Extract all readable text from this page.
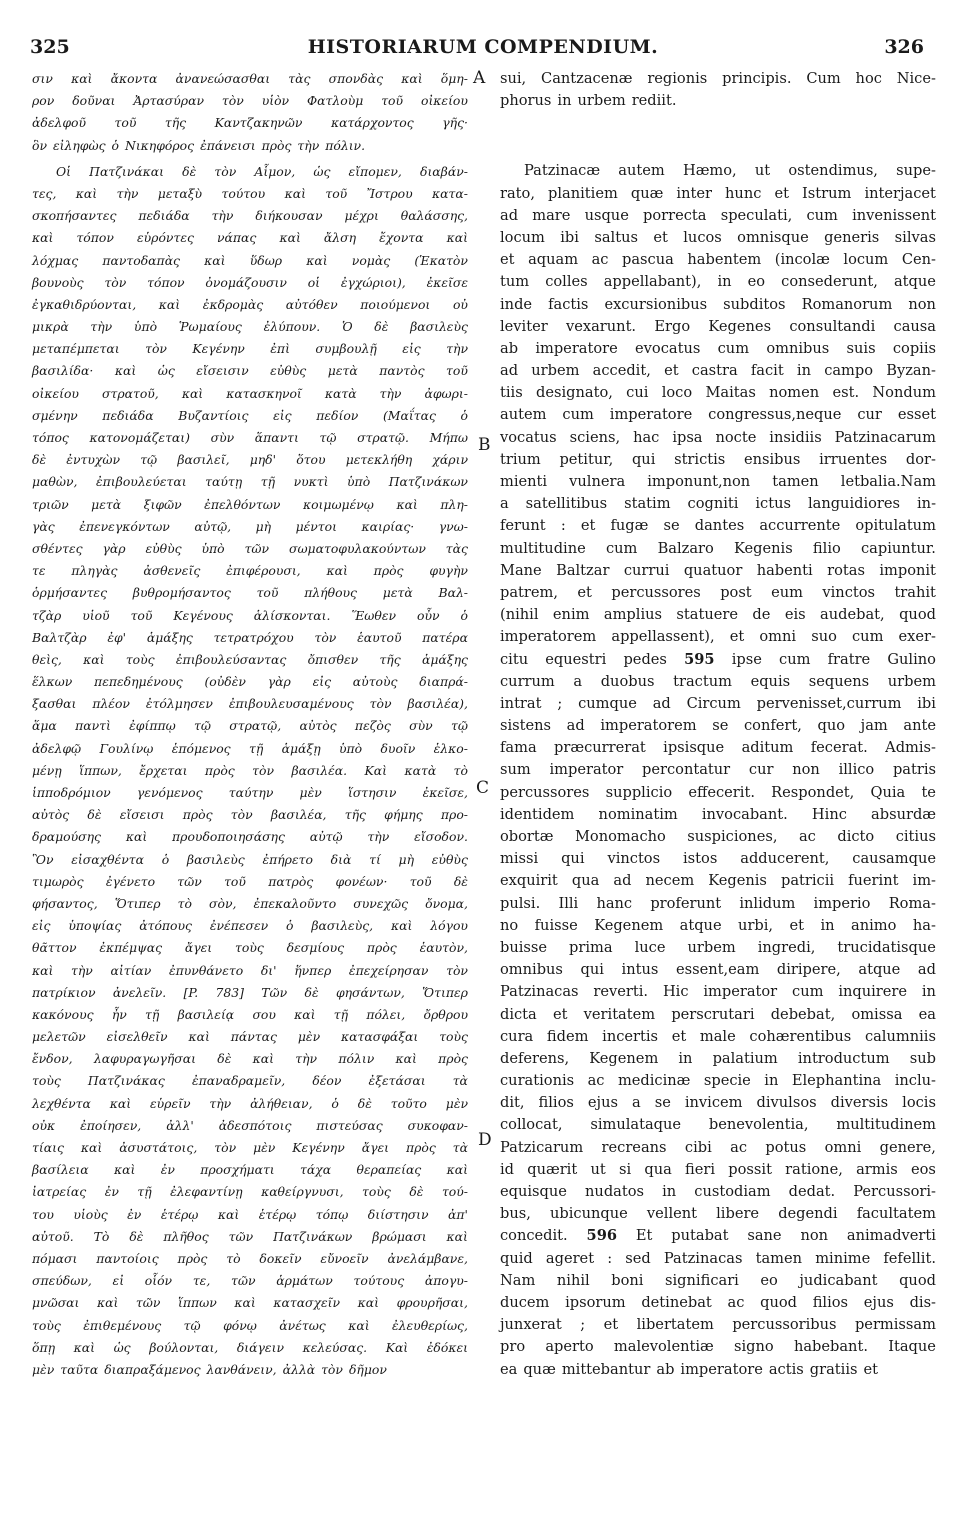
325	HISTORIARUM COMPENDIUM.	326
A
B
C
D
σιν καὶ ἄκοντα ἀνανεώσασθαι τὰς σπονδὰς καὶ ὅμη-
ρον δοῦναι Ἀρτασύραν τὸν υἱὸν Φατλοὺμ τοῦ οἰκείου
ἀδελφοῦ τοῦ τῆς Καντζακηνῶν κατάρχοντος γῆς·
ὃν εἰληφὼς ὁ Νικηφόρος ἐπάνεισι πρὸς τὴν πόλιν.
Οἱ Πατζινάκαι δὲ τὸν Αἷμον, ὡς εἴπομεν, διαβάν-
τες, καὶ τὴν μεταξὺ τούτου καὶ τοῦ Ἴστρου κατα-
σκοπήσαντες πεδιάδα τὴν διήκουσαν μέχρι θαλάσσης,
καὶ τόπον εὑρόντες νάπας καὶ ἄλση ἔχοντα καὶ
λόχμας παντοδαπὰς καὶ ὕδωρ καὶ νομὰς (Ἑκατὸν
βουνοὺς τὸν τόπον ὀνομάζουσιν οἱ ἐγχώριοι), ἐκεῖσε
ἐγκαθιδρύονται, καὶ ἐκδρομὰς αὐτόθεν ποιούμενοι οὐ
μικρὰ τὴν ὑπὸ Ῥωμαίους ἐλύπουν. Ὁ δὲ βασιλεὺς
μεταπέμπεται τὸν Κεγένην ἐπὶ συμβουλῇ εἰς τὴν
βασιλίδα· καὶ ὡς εἴσεισιν εὐθὺς μετὰ παντὸς τοῦ
οἰκείου στρατοῦ, καὶ κατασκηνοῖ κατὰ τὴν ἀφωρι-
σμένην πεδιάδα Βυζαντίοις εἰς πεδίον (Μαΐτας ὁ
τόπος κατονομάζεται) σὺν ἅπαντι τῷ στρατῷ. Μήπω
δὲ ἐντυχὼν τῷ βασιλεῖ, μηδ' ὅτου μετεκλήθη χάριν
μαθὼν, ἐπιβουλεύεται ταύτῃ τῇ νυκτὶ ὑπὸ Πατζινάκων
τριῶν μετὰ ξιφῶν ἐπελθόντων κοιμωμένῳ καὶ πλη-
γὰς ἐπενεγκόντων αὐτῷ, μὴ μέντοι καιρίας· γνω-
σθέντες γὰρ εὐθὺς ὑπὸ τῶν σωματοφυλακούντων τὰς
τε πληγὰς ἀσθενεῖς ἐπιφέρουσι, καὶ πρὸς φυγὴν
ὁρμήσαντες βυθρομήσαντος τοῦ πλήθους μετὰ Βαλ-
τζὰρ υἱοῦ τοῦ Κεγένους ἁλίσκονται. Ἕωθεν οὖν ὁ
Βαλτζὰρ ἐφ' ἁμάξης τετρατρόχου τὸν ἑαυτοῦ πατέρα
θεὶς, καὶ τοὺς ἐπιβουλεύσαντας ὄπισθεν τῆς ἁμάξης
ἕλκων πεπεδημένους (οὐδὲν γὰρ εἰς αὐτοὺς διαπρά-
ξασθαι πλέον ἐτόλμησεν ἐπιβουλευσαμένους τὸν βασιλέα),
ἅμα παντὶ ἐφίππῳ τῷ στρατῷ, αὐτὸς πεζὸς σὺν τῷ
ἀδελφῷ Γουλίνῳ ἑπόμενος τῇ ἁμάξῃ ὑπὸ δυοῖν ἑλκο-
μένῃ ἵππων, ἔρχεται πρὸς τὸν βασιλέα. Καὶ κατὰ τὸ
ἱπποδρόμιον γενόμενος ταύτην μὲν ἵστησιν ἐκεῖσε,
αὐτὸς δὲ εἴσεισι πρὸς τὸν βασιλέα, τῆς φήμης προ-
δραμούσης καὶ προυδοποιησάσης αὐτῷ τὴν εἴσοδον.
Ὃν εἰσαχθέντα ὁ βασιλεὺς ἐπήρετο διὰ τί μὴ εὐθὺς
τιμωρὸς ἐγένετο τῶν τοῦ πατρὸς φονέων· τοῦ δὲ
φήσαντος, Ὅτιπερ τὸ σὸν, ἐπεκαλοῦντο συνεχῶς ὄνομα,
εἰς ὑποψίας ἀτόπους ἐνέπεσεν ὁ βασιλεὺς, καὶ λόγου
θᾶττον ἐκπέμψας ἄγει τοὺς δεσμίους πρὸς ἑαυτὸν,
καὶ τὴν αἰτίαν ἐπυνθάνετο δι' ἥνπερ ἐπεχείρησαν τὸν
πατρίκιον ἀνελεῖν. [P. 783] Τῶν δὲ φησάντων, Ὅτιπερ
κακόνους ἦν τῇ βασιλείᾳ σου καὶ τῇ πόλει, ὄρθρου
μελετῶν εἰσελθεῖν καὶ πάντας μὲν κατασφάξαι τοὺς
ἔνδον, λαφυραγωγῆσαι δὲ καὶ τὴν πόλιν καὶ πρὸς
τοὺς Πατζινάκας ἐπαναδραμεῖν, δέον ἐξετάσαι τὰ
λεχθέντα καὶ εὑρεῖν τὴν ἀλήθειαν, ὁ δὲ τοῦτο μὲν
οὐκ ἐποίησεν, ἀλλ' ἀδεσπότοις πιστεύσας συκοφαν-
τίαις καὶ ἀσυστάτοις, τὸν μὲν Κεγένην ἄγει πρὸς τὰ
βασίλεια καὶ ἐν προσχήματι τάχα θεραπείας καὶ
ἰατρείας ἐν τῇ ἐλεφαντίνῃ καθείργνυσι, τοὺς δὲ τού-
του υἱοὺς ἐν ἑτέρῳ καὶ ἑτέρῳ τόπῳ διίστησιν ἀπ'
αὐτοῦ. Τὸ δὲ πλῆθος τῶν Πατζινάκων βρώμασι καὶ
πόμασι παντοίοις πρὸς τὸ δοκεῖν εὔνοεῖν ἀνελάμβανε,
σπεύδων, εἰ οἷόν τε, τῶν ἁρμάτων τούτους ἀπογυ-
μνῶσαι καὶ τῶν ἵππων καὶ κατασχεῖν καὶ φρουρῆσαι,
τοὺς ἐπιθεμένους τῷ φόνῳ ἀνέτως καὶ ἐλευθερίως,
ὅπῃ καὶ ὡς βούλονται, διάγειν κελεύσας. Καὶ ἐδόκει
μὲν ταῦτα διαπραξάμενος λανθάνειν, ἀλλὰ τὸν δῆμον
sui, Cantzacenæ regionis principis. Cum hoc Nice-
phorus in urbem rediit.
Patzinacæ autem Hæmo, ut ostendimus, supe-
rato, planitiem quæ inter hunc et Istrum interjacet
ad mare usque porrecta speculati, cum invenissent
locum ibi saltus et lucos omnisque generis silvas
et aquam ac pascua habentem (incolæ locum Cen-
tum colles appellabant), in eo consederunt, atque
inde factis excursionibus subditos Romanorum non
leviter vexarunt. Ergo Kegenes consultandi causa
ab imperatore evocatus cum omnibus suis copiis
ad urbem accedit, et castra facit in campo Byzan-
tiis designato, cui loco Maitas nomen est. Nondum
autem cum imperatore congressus,neque cur esset
vocatus sciens, hac ipsa nocte insidiis Patzinacarum
trium petitur, qui strictis ensibus irruentes dor-
mienti vulnera imponunt,non tamen letbalia.Nam
a satellitibus statim cogniti ictus languidiores in-
ferunt : et fugæ se dantes accurrente opitulatum
multitudine cum Balzaro Kegenis filio capiuntur.
Mane Baltzar currui quatuor habenti rotas imponit
patrem, et percussores post eum vinctos trahit
(nihil enim amplius statuere de eis audebat, quod
imperatorem appellassent), et omni suo cum exer-
citu equestri pedes 595 ipse cum fratre Gulino
currum a duobus tractum equis sequens urbem
intrat ; cumque ad Circum pervenisset,currum ibi
sistens ad imperatorem se confert, quo jam ante
fama præcurrerat ipsisque aditum fecerat. Admis-
sum imperator percontatur cur non illico patris
percussores supplicio effecerit. Respondet, Quia te
identidem nominatim invocabant. Hinc absurdæ
obortæ Monomacho suspiciones, ac dicto citius
missi qui vinctos istos adducerent, causamque
exquirit qua ad necem Kegenis patricii fuerint im-
pulsi. Illi hanc proferunt inlidum imperio Roma-
no fuisse Kegenem atque urbi, et in animo ha-
buisse prima luce urbem ingredi, trucidatisque
omnibus qui intus essent,eam diripere, atque ad
Patzinacas reverti. Hic imperator cum inquirere in
dicta et veritatem perscrutari debebat, omissa ea
cura fidem incertis et male cohærentibus calumniis
deferens, Kegenem in palatium introductum sub
curationis ac medicinæ specie in Elephantina inclu-
dit, filios ejus a se invicem divulsos diversis locis
collocat, simulataque benevolentia, multitudinem
Patzicarum recreans cibi ac potus omni genere,
id quærit ut si qua fieri possit ratione, armis eos
equisque nudatos in custodiam dedat. Percussori-
bus, ubicunque vellent libere degendi facultatem
concedit. 596 Et putabat sane non animadverti
quid ageret : sed Patzinacas tamen minime fefellit.
Nam nihil boni significari eo judicabant quod
ducem ipsorum detinebat ac quod filios ejus dis-
junxerat ; et libertatem percussoribus permissam
pro aperto malevolentiæ signo habebant. Itaque
ea quæ mittebantur ab imperatore actis gratiis et
